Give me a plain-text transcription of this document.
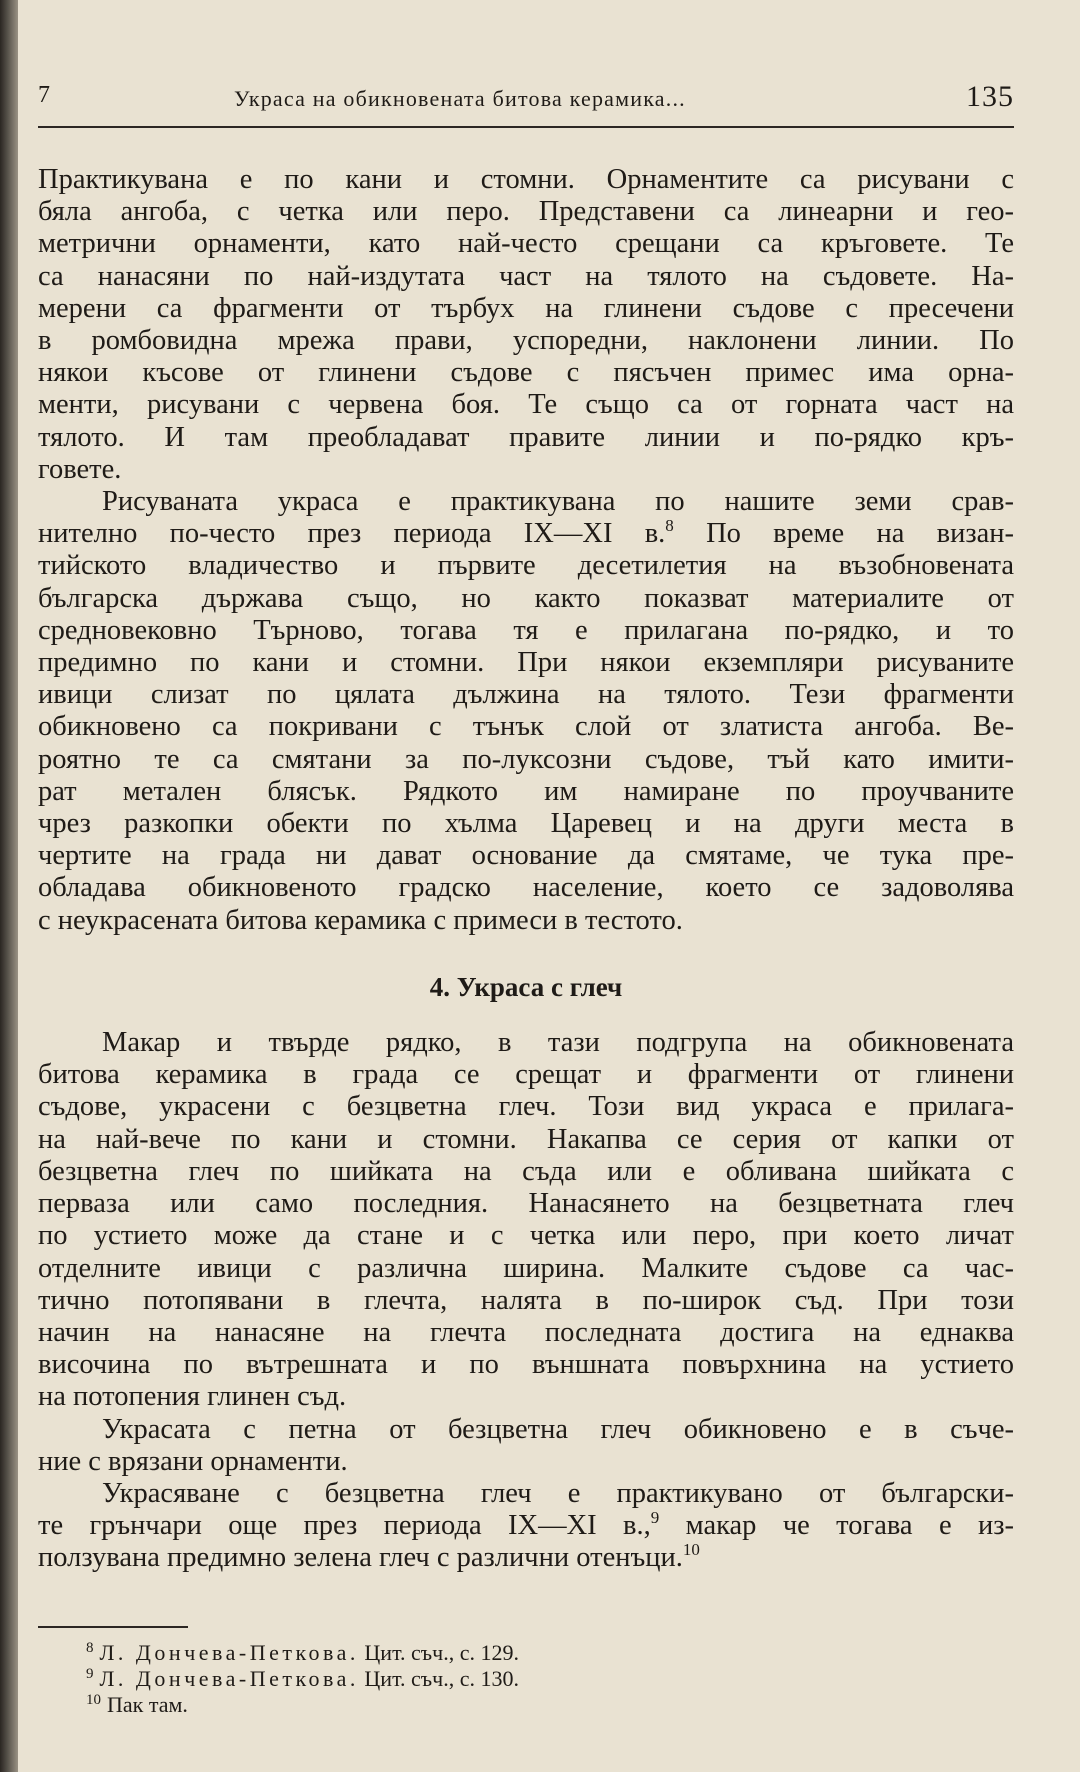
7	Украса на обикновената битова керамика...	135

Практикувана е по кани и стомни. Орнаментите са рисувани с
бяла ангоба, с четка или перо. Представени са линеарни и гео-
метрични орнаменти, като най-често срещани са кръговете. Те
са нанасяни по най-издутата част на тялото на съдовете. На-
мерени са фрагменти от търбух на глинени съдове с пресечени
в ромбовидна мрежа прави, успоредни, наклонени линии. По
някои късове от глинени съдове с пясъчен примес има орна-
менти, рисувани с червена боя. Те също са от горната част на
тялото. И там преобладават правите линии и по-рядко кръ-
говете.

Рисуваната украса е практикувана по нашите земи срав-
нително по-често през периода IX—XI в.$^8$ По време на визан-
тийското владичество и първите десетилетия на възобновената
българска държава също, но както показват материалите от
средновековно Търново, тогава тя е прилагана по-рядко, и то
предимно по кани и стомни. При някои екземпляри рисуваните
ивици слизат по цялата дължина на тялото. Тези фрагменти
обикновено са покривани с тънък слой от златиста ангоба. Ве-
роятно те са смятани за по-луксозни съдове, тъй като имити-
рат метален блясък. Рядкото им намиране по проучваните
чрез разкопки обекти по хълма Царевец и на други места в
чертите на града ни дават основание да смятаме, че тука пре-
обладава обикновеното градско население, което се задоволява
с неукрасената битова керамика с примеси в тестото.

4. Украса с глеч

Макар и твърде рядко, в тази подгрупа на обикновената
битова керамика в града се срещат и фрагменти от глинени
съдове, украсени с безцветна глеч. Този вид украса е прилага-
на най-вече по кани и стомни. Накапва се серия от капки от
безцветна глеч по шийката на съда или е обливана шийката с
перваза или само последния. Нанасянето на безцветната глеч
по устието може да стане и с четка или перо, при което личат
отделните ивици с различна ширина. Малките съдове са час-
тично потопявани в глечта, налята в по-широк съд. При този
начин на нанасяне на глечта последната достига на еднаква
височина по вътрешната и по външната повърхнина на устието
на потопения глинен съд.

Украсата с петна от безцветна глеч обикновено е в съче-
ние с врязани орнаменти.

Украсяване с безцветна глеч е практикувано от български-
те грънчари още през периода IX—XI в.,$^9$ макар че тогава е из-
ползувана предимно зелена глеч с различни отенъци.$^{10}$

$^8$ Л. Дончева-Петкова. Цит. съч., с. 129.
$^9$ Л. Дончева-Петкова. Цит. съч., с. 130.
$^{10}$ Пак там.
